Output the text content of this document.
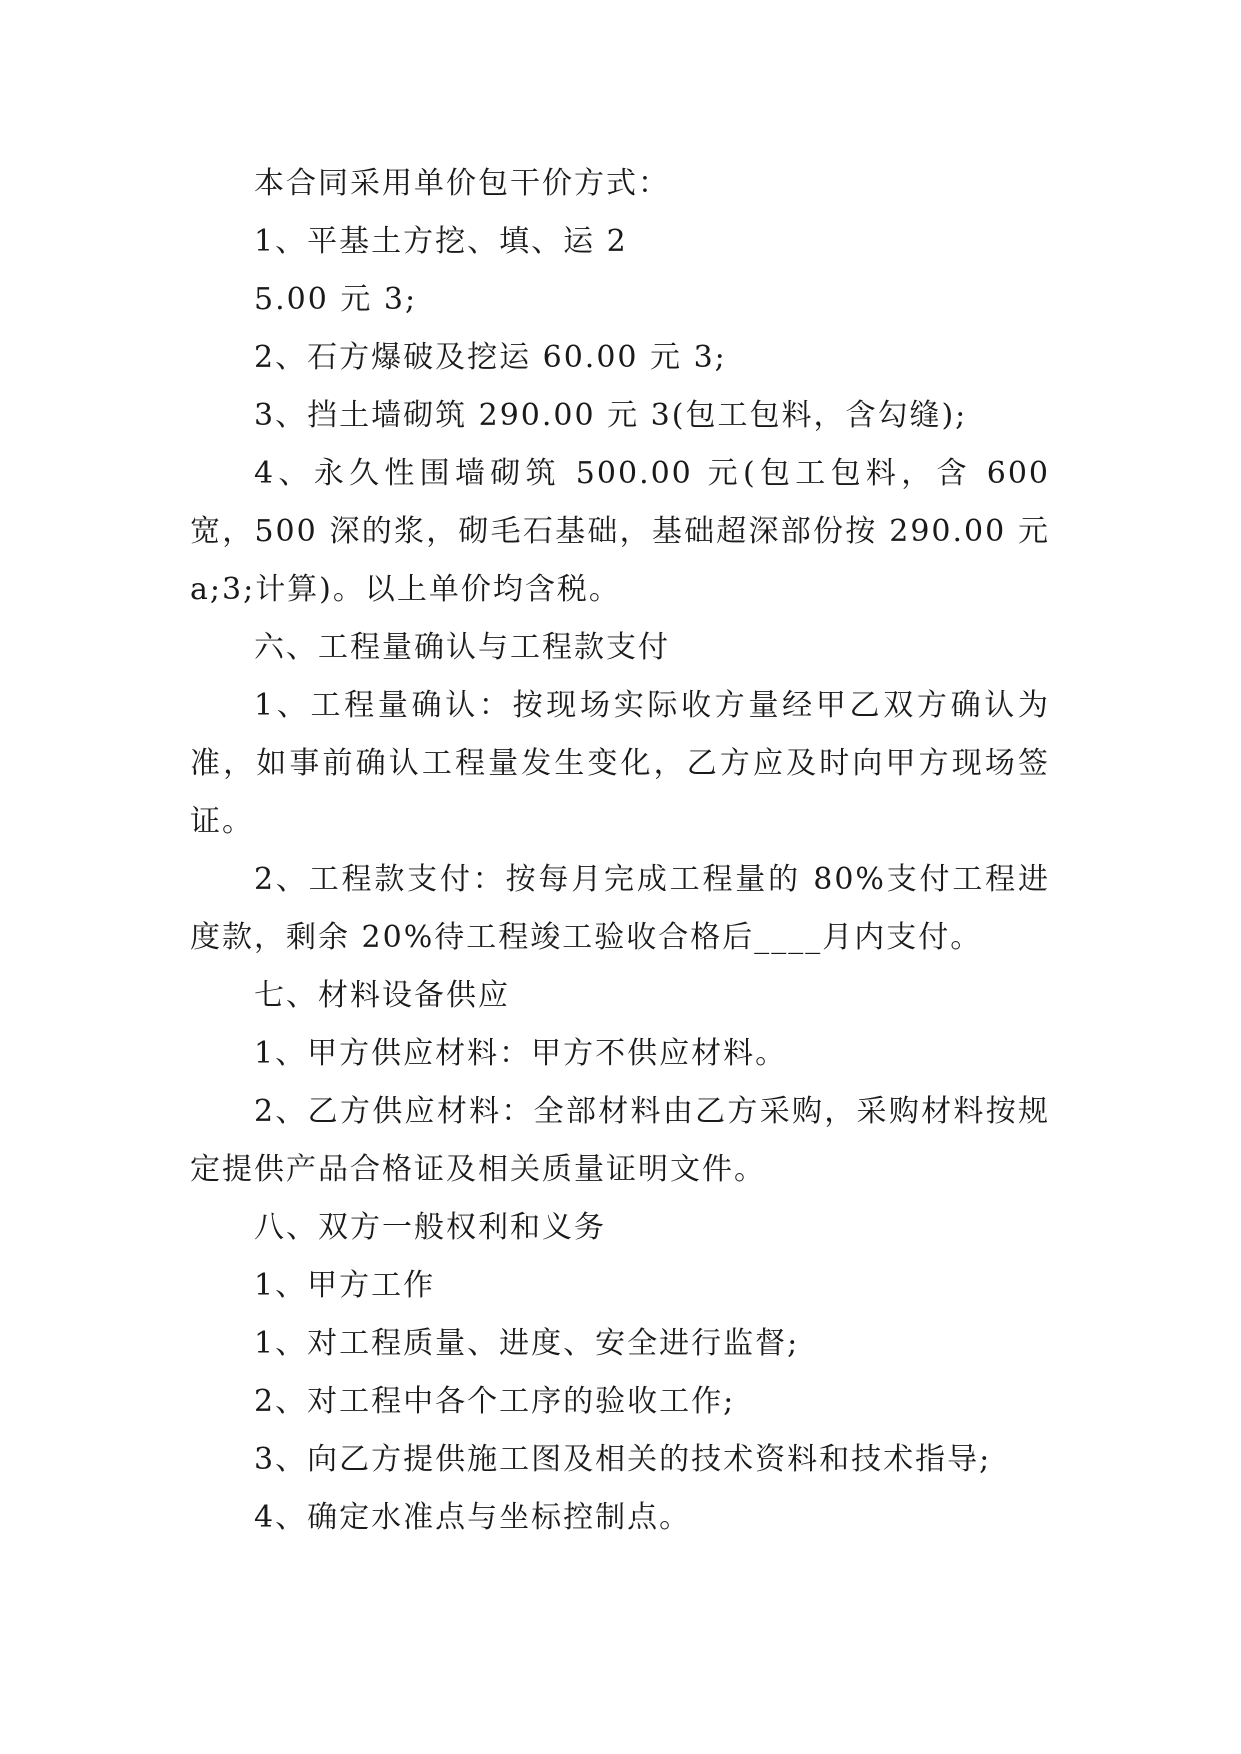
本合同采用单价包干价方式：

1、平基土方挖、填、运 2

5.00 元 3;

2、石方爆破及挖运 60.00 元 3;

3、挡土墙砌筑 290.00 元 3(包工包料，含勾缝);

4、永久性围墙砌筑 500.00 元(包工包料，含 600 宽，500 深的浆，砌毛石基础，基础超深部份按 290.00 元 a;3;计算)。以上单价均含税。

六、工程量确认与工程款支付

1、工程量确认：按现场实际收方量经甲乙双方确认为准，如事前确认工程量发生变化，乙方应及时向甲方现场签证。

2、工程款支付：按每月完成工程量的 80%支付工程进度款，剩余 20%待工程竣工验收合格后____月内支付。

七、材料设备供应

1、甲方供应材料：甲方不供应材料。

2、乙方供应材料：全部材料由乙方采购，采购材料按规定提供产品合格证及相关质量证明文件。

八、双方一般权利和义务

1、甲方工作

1、对工程质量、进度、安全进行监督;

2、对工程中各个工序的验收工作;

3、向乙方提供施工图及相关的技术资料和技术指导;

4、确定水准点与坐标控制点。
